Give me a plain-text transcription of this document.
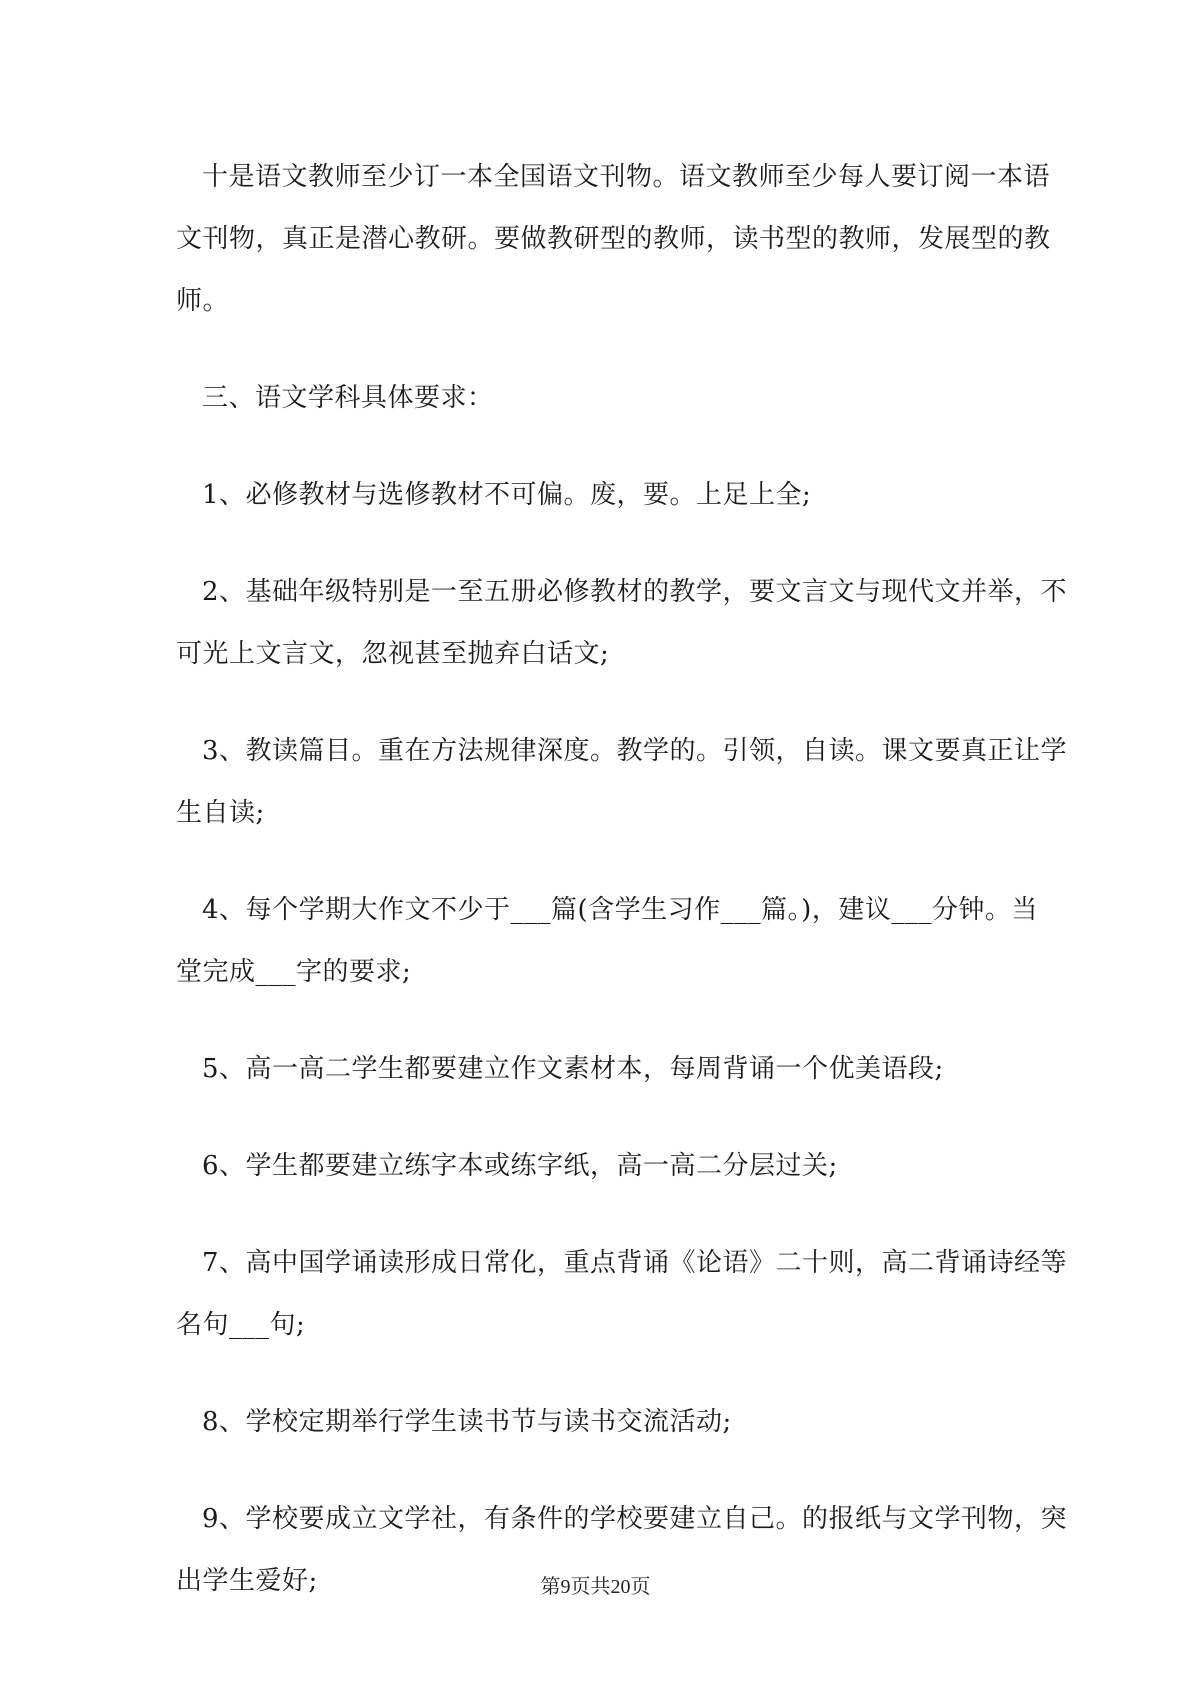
十是语文教师至少订一本全国语文刊物。语文教师至少每人要订阅一本语
文刊物，真正是潜心教研。要做教研型的教师，读书型的教师，发展型的教
师。
三、语文学科具体要求：
1、必修教材与选修教材不可偏。废，要。上足上全;
2、基础年级特别是一至五册必修教材的教学，要文言文与现代文并举，不
可光上文言文，忽视甚至抛弃白话文;
3、教读篇目。重在方法规律深度。教学的。引领，自读。课文要真正让学
生自读;
4、每个学期大作文不少于___篇(含学生习作___篇。)，建议___分钟。当
堂完成___字的要求;
5、高一高二学生都要建立作文素材本，每周背诵一个优美语段;
6、学生都要建立练字本或练字纸，高一高二分层过关;
7、高中国学诵读形成日常化，重点背诵《论语》二十则，高二背诵诗经等
名句___句;
8、学校定期举行学生读书节与读书交流活动;
9、学校要成立文学社，有条件的学校要建立自己。的报纸与文学刊物，突
出学生爱好;	第9页共20页
